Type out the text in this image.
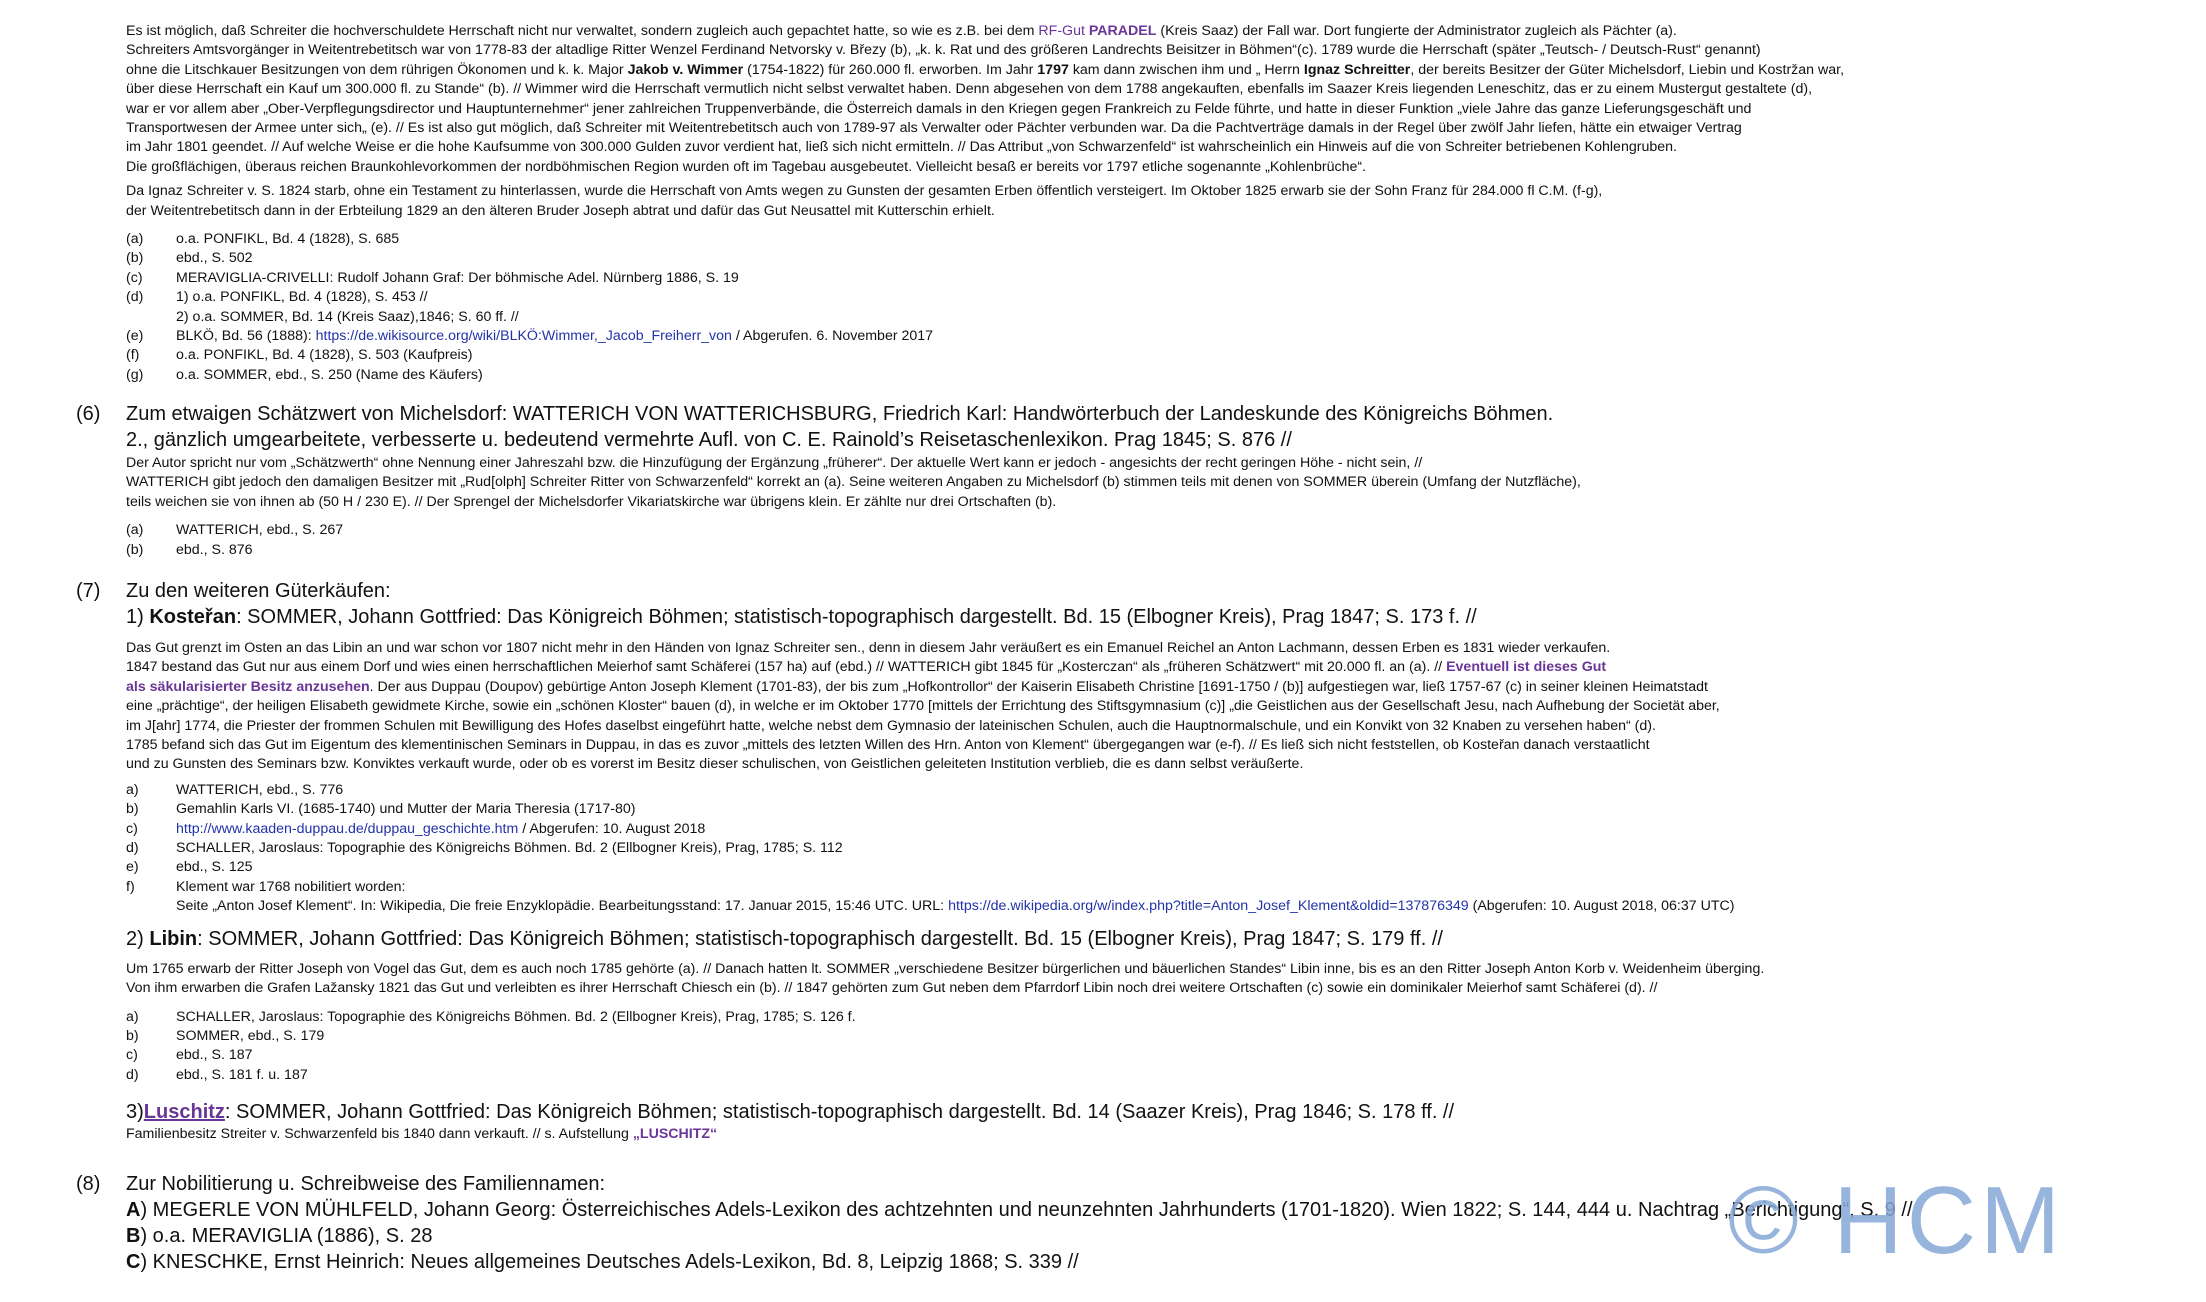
Es ist möglich, daß Schreiter die hochverschuldete Herrschaft nicht nur verwaltet, sondern zugleich auch gepachtet hatte, so wie es z.B. bei dem RF-Gut PARADEL (Kreis Saaz) der Fall war. Dort fungierte der Administrator zugleich als Pächter (a).

Schreiters Amtsvorgänger in Weitentrebetitsch war von 1778-83 der altadlige Ritter Wenzel Ferdinand Netvorsky v. Březy (b), „k. k. Rat und des größeren Landrechts Beisitzer in Böhmen“(c). 1789 wurde die Herrschaft (später „Teutsch- / Deutsch-Rust“ genannt)

ohne die Litschkauer Besitzungen von dem rührigen Ökonomen und k. k. Major Jakob v. Wimmer (1754-1822) für 260.000 fl. erworben. Im Jahr 1797 kam dann zwischen ihm und „ Herrn Ignaz Schreitter, der bereits Besitzer der Güter Michelsdorf, Liebin und Kostržan war,

über diese Herrschaft ein Kauf um 300.000 fl. zu Stande“ (b). // Wimmer wird die Herrschaft vermutlich nicht selbst verwaltet haben. Denn abgesehen von dem 1788 angekauften, ebenfalls im Saazer Kreis liegenden Leneschitz, das er zu einem Mustergut gestaltete (d),

war er vor allem aber „Ober-Verpflegungsdirector und Hauptunternehmer“ jener zahlreichen Truppenverbände, die Österreich damals in den Kriegen gegen Frankreich zu Felde führte, und hatte in dieser Funktion „viele Jahre das ganze Lieferungsgeschäft und

Transportwesen der Armee unter sich„ (e). // Es ist also gut möglich, daß Schreiter mit Weitentrebetitsch auch von 1789-97 als Verwalter oder Pächter verbunden war. Da die Pachtverträge damals in der Regel über zwölf Jahr liefen, hätte ein etwaiger Vertrag

im Jahr 1801 geendet. // Auf welche Weise er die hohe Kaufsumme von 300.000 Gulden zuvor verdient hat, ließ sich nicht ermitteln. // Das Attribut „von Schwarzenfeld“ ist wahrscheinlich ein Hinweis auf die von Schreiter betriebenen Kohlengruben.

Die großflächigen, überaus reichen Braunkohlevorkommen der nordböhmischen Region wurden oft im Tagebau ausgebeutet. Vielleicht besaß er bereits vor 1797 etliche sogenannte „Kohlenbrüche“.

Da Ignaz Schreiter v. S. 1824 starb, ohne ein Testament zu hinterlassen, wurde die Herrschaft von Amts wegen zu Gunsten der gesamten Erben öffentlich versteigert. Im Oktober 1825 erwarb sie der Sohn Franz für 284.000 fl C.M. (f-g),

der Weitentrebetitsch dann in der Erbteilung 1829 an den älteren Bruder Joseph abtrat und dafür das Gut Neusattel mit Kutterschin erhielt.

(a)	o.a. PONFIKL, Bd. 4 (1828), S. 685
(b)	ebd., S. 502
(c)	MERAVIGLIA-CRIVELLI: Rudolf Johann Graf: Der böhmische Adel. Nürnberg 1886, S. 19
(d)	1) o.a. PONFIKL, Bd. 4 (1828), S. 453 //
2) o.a. SOMMER, Bd. 14 (Kreis Saaz),1846; S. 60 ff. //
(e)	BLKÖ, Bd. 56 (1888): https://de.wikisource.org/wiki/BLKÖ:Wimmer,_Jacob_Freiherr_von / Abgerufen. 6. November 2017
(f)	o.a. PONFIKL, Bd. 4 (1828), S. 503 (Kaufpreis)
(g)	o.a. SOMMER, ebd., S. 250 (Name des Käufers)
(6) Zum etwaigen Schätzwert von Michelsdorf: WATTERICH VON WATTERICHSBURG, Friedrich Karl: Handwörterbuch der Landeskunde des Königreichs Böhmen.

2., gänzlich umgearbeitete, verbesserte u. bedeutend vermehrte Aufl. von C. E. Rainold’s Reisetaschenlexikon. Prag 1845; S. 876 //

Der Autor spricht nur vom „Schätzwerth“ ohne Nennung einer Jahreszahl bzw. die Hinzufügung der Ergänzung „früherer“. Der aktuelle Wert kann er jedoch - angesichts der recht geringen Höhe - nicht sein, //

WATTERICH gibt jedoch den damaligen Besitzer mit „Rud[olph] Schreiter Ritter von Schwarzenfeld“ korrekt an (a). Seine weiteren Angaben zu Michelsdorf (b) stimmen teils mit denen von SOMMER überein (Umfang der Nutzfläche),

teils weichen sie von ihnen ab (50 H / 230 E). // Der Sprengel der Michelsdorfer Vikariatskirche war übrigens klein. Er zählte nur drei Ortschaften (b).

(a)	WATTERICH, ebd., S. 267
(b)	ebd., S. 876
(7) Zu den weiteren Güterkäufen:

1) Kosteřan: SOMMER, Johann Gottfried: Das Königreich Böhmen; statistisch-topographisch dargestellt. Bd. 15 (Elbogner Kreis), Prag 1847; S. 173 f. //

Das Gut grenzt im Osten an das Libin an und war schon vor 1807 nicht mehr in den Händen von Ignaz Schreiter sen., denn in diesem Jahr veräußert es ein Emanuel Reichel an Anton Lachmann, dessen Erben es 1831 wieder verkaufen.

1847 bestand das Gut nur aus einem Dorf und wies einen herrschaftlichen Meierhof samt Schäferei (157 ha) auf (ebd.) // WATTERICH gibt 1845 für „Kosterczan“ als „früheren Schätzwert“ mit 20.000 fl. an (a). // Eventuell ist dieses Gut

als säkularisierter Besitz anzusehen. Der aus Duppau (Doupov) gebürtige Anton Joseph Klement (1701-83), der bis zum „Hofkontrollor“ der Kaiserin Elisabeth Christine [1691-1750 / (b)] aufgestiegen war, ließ 1757-67 (c) in seiner kleinen Heimatstadt

eine „prächtige“, der heiligen Elisabeth gewidmete Kirche, sowie ein „schönen Kloster“ bauen (d), in welche er im Oktober 1770 [mittels der Errichtung des Stiftsgymnasium (c)] „die Geistlichen aus der Gesellschaft Jesu, nach Aufhebung der Societät aber,

im J[ahr] 1774, die Priester der frommen Schulen mit Bewilligung des Hofes daselbst eingeführt hatte, welche nebst dem Gymnasio der lateinischen Schulen, auch die Hauptnormalschule, und ein Konvikt von 32 Knaben zu versehen haben“ (d).

1785 befand sich das Gut im Eigentum des klementinischen Seminars in Duppau, in das es zuvor „mittels des letzten Willen des Hrn. Anton von Klement“ übergegangen war (e-f). // Es ließ sich nicht feststellen, ob Kosteřan danach verstaatlicht

und zu Gunsten des Seminars bzw. Konviktes verkauft wurde, oder ob es vorerst im Besitz dieser schulischen, von Geistlichen geleiteten Institution verblieb, die es dann selbst veräußerte.

a)	WATTERICH, ebd., S. 776
b)	Gemahlin Karls VI. (1685-1740) und Mutter der Maria Theresia (1717-80)
c)	http://www.kaaden-duppau.de/duppau_geschichte.htm / Abgerufen: 10. August 2018
d)	SCHALLER, Jaroslaus: Topographie des Königreichs Böhmen. Bd. 2 (Ellbogner Kreis), Prag, 1785; S. 112
e)	ebd., S. 125
f)	Klement war 1768 nobilitiert worden:
Seite „Anton Josef Klement“. In: Wikipedia, Die freie Enzyklopädie. Bearbeitungsstand: 17. Januar 2015, 15:46 UTC. URL: https://de.wikipedia.org/w/index.php?title=Anton_Josef_Klement&oldid=137876349 (Abgerufen: 10. August 2018, 06:37 UTC)

2) Libin: SOMMER, Johann Gottfried: Das Königreich Böhmen; statistisch-topographisch dargestellt. Bd. 15 (Elbogner Kreis), Prag 1847; S. 179 ff. //

Um 1765 erwarb der Ritter Joseph von Vogel das Gut, dem es auch noch 1785 gehörte (a). // Danach hatten lt. SOMMER „verschiedene Besitzer bürgerlichen und bäuerlichen Standes“ Libin inne, bis es an den Ritter Joseph Anton Korb v. Weidenheim überging.

Von ihm erwarben die Grafen Lažansky 1821 das Gut und verleibten es ihrer Herrschaft Chiesch ein (b). // 1847 gehörten zum Gut neben dem Pfarrdorf Libin noch drei weitere Ortschaften (c) sowie ein dominikaler Meierhof samt Schäferei (d). //

a)	SCHALLER, Jaroslaus: Topographie des Königreichs Böhmen. Bd. 2 (Ellbogner Kreis), Prag, 1785; S. 126 f.
b)	SOMMER, ebd., S. 179
c)	ebd., S. 187
d)	ebd., S. 181 f. u. 187

3)Luschitz: SOMMER, Johann Gottfried: Das Königreich Böhmen; statistisch-topographisch dargestellt. Bd. 14 (Saazer Kreis), Prag 1846; S. 178 ff. //

Familienbesitz Streiter v. Schwarzenfeld bis 1840 dann verkauft. // s. Aufstellung „LUSCHITZ“

(8) Zur Nobilitierung u. Schreibweise des Familiennamen:

A) MEGERLE VON MÜHLFELD, Johann Georg: Österreichisches Adels-Lexikon des achtzehnten und neunzehnten Jahrhunderts (1701-1820). Wien 1822; S. 144, 444 u. Nachtrag „Berichtigung“, S. 9 //

B) o.a. MERAVIGLIA (1886), S. 28

C) KNESCHKE, Ernst Heinrich: Neues allgemeines Deutsches Adels-Lexikon, Bd. 8, Leipzig 1868; S. 339 //	© HCM
